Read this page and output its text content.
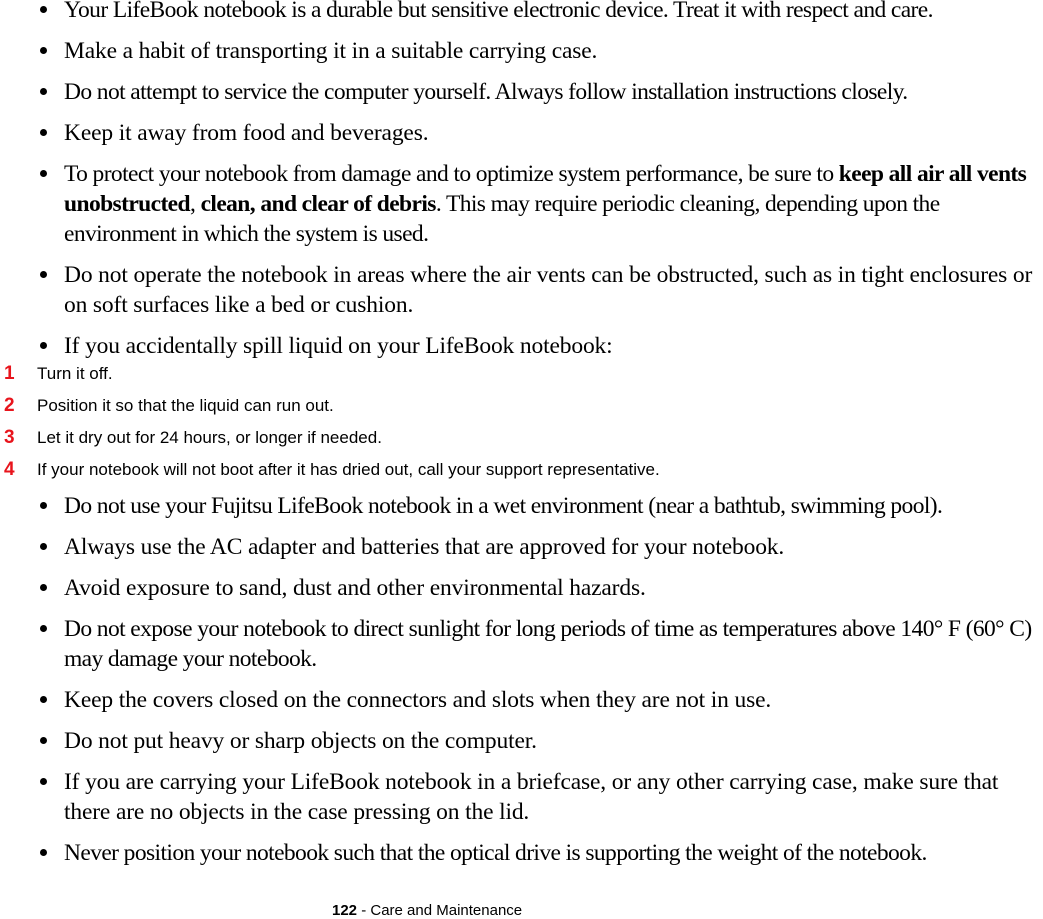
Your LifeBook notebook is a durable but sensitive electronic device. Treat it with respect and care.
Make a habit of transporting it in a suitable carrying case.
Do not attempt to service the computer yourself. Always follow installation instructions closely.
Keep it away from food and beverages.
To protect your notebook from damage and to optimize system performance, be sure to keep all air all vents unobstructed, clean, and clear of debris. This may require periodic cleaning, depending upon the environment in which the system is used.
Do not operate the notebook in areas where the air vents can be obstructed, such as in tight enclosures or on soft surfaces like a bed or cushion.
If you accidentally spill liquid on your LifeBook notebook:
1 Turn it off.
2 Position it so that the liquid can run out.
3 Let it dry out for 24 hours, or longer if needed.
4 If your notebook will not boot after it has dried out, call your support representative.
Do not use your Fujitsu LifeBook notebook in a wet environment (near a bathtub, swimming pool).
Always use the AC adapter and batteries that are approved for your notebook.
Avoid exposure to sand, dust and other environmental hazards.
Do not expose your notebook to direct sunlight for long periods of time as temperatures above 140° F (60° C) may damage your notebook.
Keep the covers closed on the connectors and slots when they are not in use.
Do not put heavy or sharp objects on the computer.
If you are carrying your LifeBook notebook in a briefcase, or any other carrying case, make sure that there are no objects in the case pressing on the lid.
Never position your notebook such that the optical drive is supporting the weight of the notebook.
122 - Care and Maintenance
